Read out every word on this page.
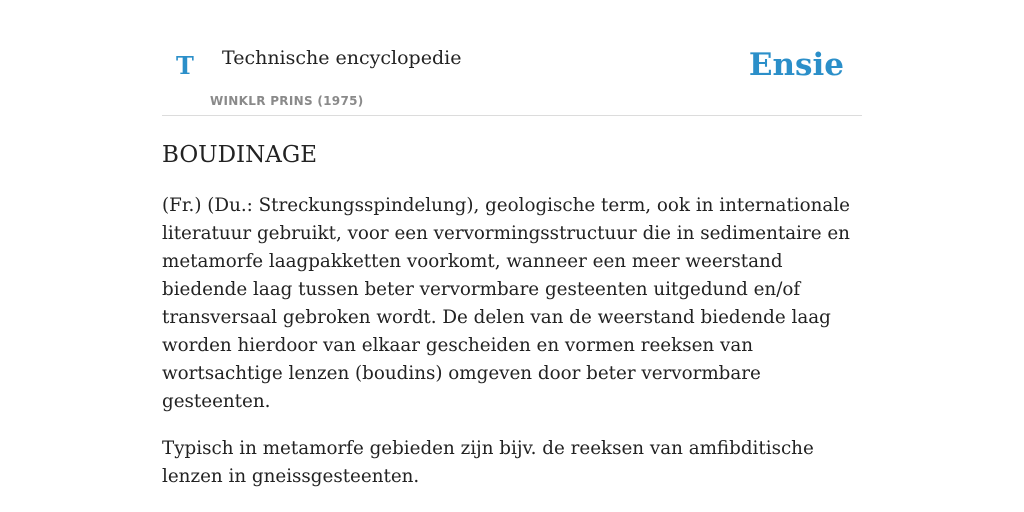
T Technische encyclopedie
WINKLR PRINS (1975)
Ensie
BOUDINAGE

(Fr.) (Du.: Streckungsspindelung), geologische term, ook in internationale literatuur gebruikt, voor een vervormingsstructuur die in sedimentaire en metamorfe laagpakketten voorkomt, wanneer een meer weerstand biedende laag tussen beter vervormbare gesteenten uitgedund en/of transversaal gebroken wordt. De delen van de weerstand biedende laag worden hierdoor van elkaar gescheiden en vormen reeksen van wortsachtige lenzen (boudins) omgeven door beter vervormbare gesteenten.

Typisch in metamorfe gebieden zijn bijv. de reeksen van amfibditische lenzen in gneissgesteenten.
